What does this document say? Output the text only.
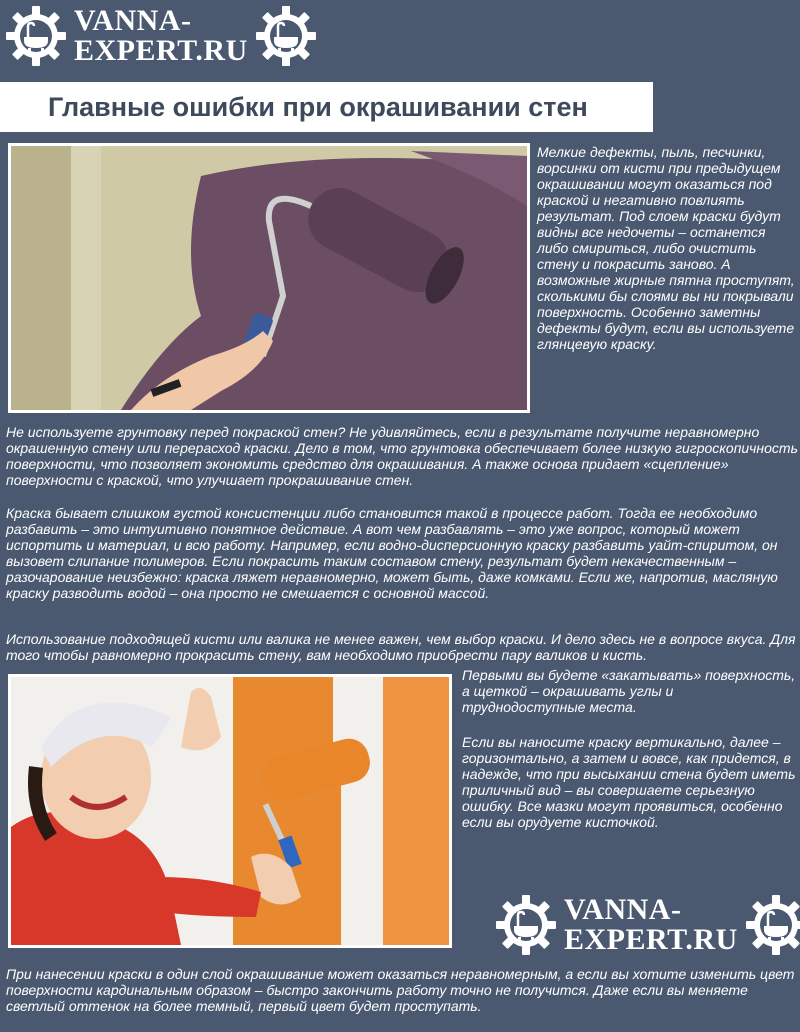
VANNA-
EXPERT.RU
Главные ошибки при окрашивании стен

Мелкие дефекты, пыль, песчинки, ворсинки от кисти при предыдущем окрашивании могут оказаться под краской и негативно повлиять результат. Под слоем краски будут видны все недочеты – останется либо смириться, либо очистить стену и покрасить заново. А возможные жирные пятна проступят, сколькими бы слоями вы ни покрывали поверхность. Особенно заметны дефекты будут, если вы используете глянцевую краску.

Не используете грунтовку перед покраской стен? Не удивляйтесь, если в результате получите неравномерно окрашенную стену или перерасход краски. Дело в том, что грунтовка обеспечивает более низкую гигроскопичность поверхности, что позволяет экономить средство для окрашивания. А также основа придает «сцепление» поверхности с краской, что улучшает прокрашивание стен.

Краска бывает слишком густой консистенции либо становится такой в процессе работ. Тогда ее необходимо разбавить – это интуитивно понятное действие. А вот чем разбавлять – это уже вопрос, который может испортить и материал, и всю работу. Например, если водно-дисперсионную краску разбавить уайт-спиритом, он вызовет слипание полимеров. Если покрасить таким составом стену, результат будет некачественным – разочарование неизбежно: краска ляжет неравномерно, может быть, даже комками. Если же, напротив, масляную краску разводить водой – она просто не смешается с основной массой.

Использование подходящей кисти или валика не менее важен, чем выбор краски. И дело здесь не в вопросе вкуса. Для того чтобы равномерно прокрасить стену, вам необходимо приобрести пару валиков и кисть.

Первыми вы будете «закатывать» поверхность, а щеткой – окрашивать углы и труднодоступные места.

Если вы наносите краску вертикально, далее – горизонтально, а затем и вовсе, как придется, в надежде, что при высыхании стена будет иметь приличный вид – вы совершаете серьезную ошибку. Все мазки могут проявиться, особенно если вы орудуете кисточкой.

VANNA-
EXPERT.RU

При нанесении краски в один слой окрашивание может оказаться неравномерным, а если вы хотите изменить цвет поверхности кардинальным образом – быстро закончить работу точно не получится. Даже если вы меняете светлый оттенок на более темный, первый цвет будет проступать.
